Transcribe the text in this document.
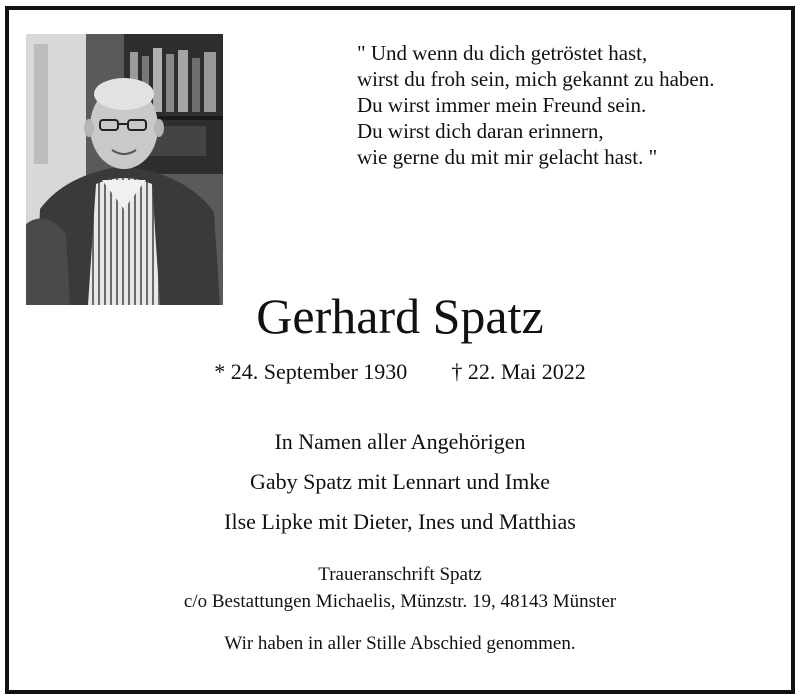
" Und wenn du dich getröstet hast,
wirst du froh sein, mich gekannt zu haben.
Du wirst immer mein Freund sein.
Du wirst dich daran erinnern,
wie gerne du mit mir gelacht hast. "
Gerhard Spatz
* 24. September 1930 † 22. Mai 2022
In Namen aller Angehörigen
Gaby Spatz mit Lennart und Imke
Ilse Lipke mit Dieter, Ines und Matthias
Traueranschrift Spatz
c/o Bestattungen Michaelis, Münzstr. 19, 48143 Münster
Wir haben in aller Stille Abschied genommen.
